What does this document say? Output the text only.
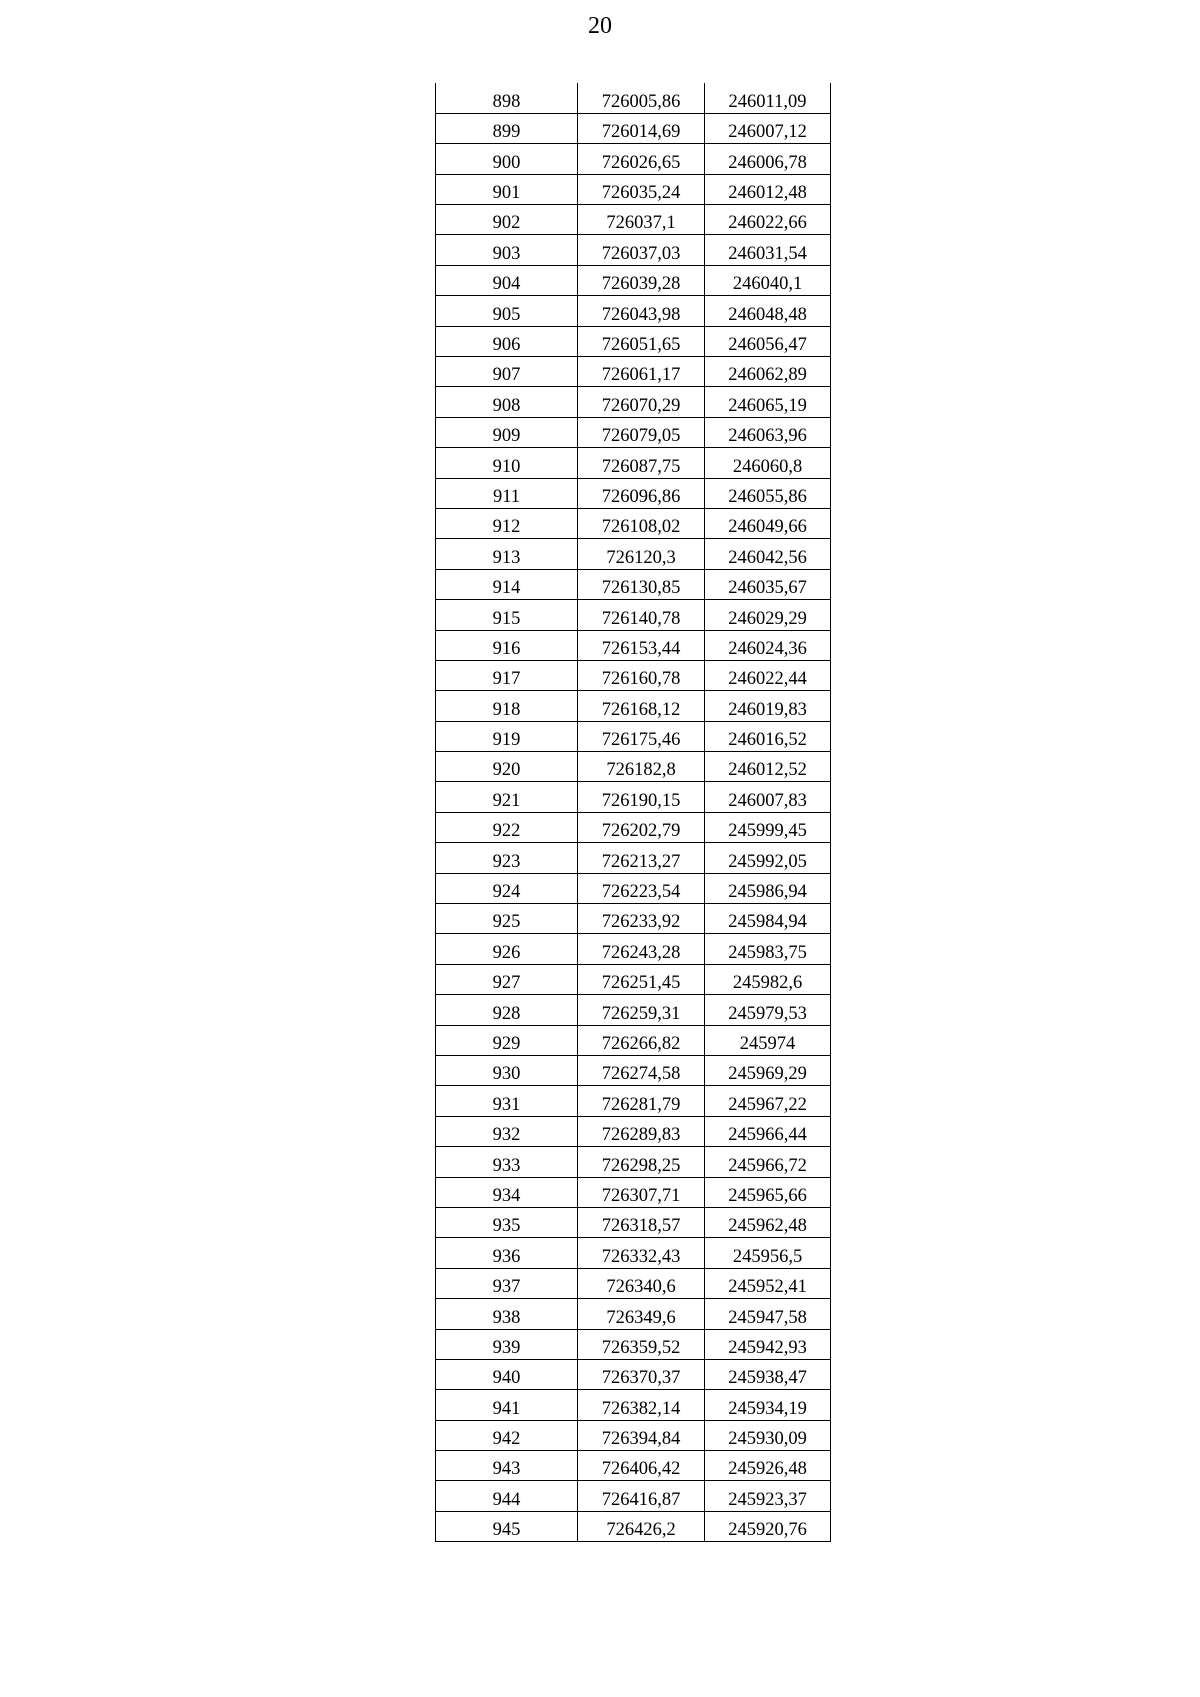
20
898	726005,86	246011,09
899	726014,69	246007,12
900	726026,65	246006,78
901	726035,24	246012,48
902	726037,1	246022,66
903	726037,03	246031,54
904	726039,28	246040,1
905	726043,98	246048,48
906	726051,65	246056,47
907	726061,17	246062,89
908	726070,29	246065,19
909	726079,05	246063,96
910	726087,75	246060,8
911	726096,86	246055,86
912	726108,02	246049,66
913	726120,3	246042,56
914	726130,85	246035,67
915	726140,78	246029,29
916	726153,44	246024,36
917	726160,78	246022,44
918	726168,12	246019,83
919	726175,46	246016,52
920	726182,8	246012,52
921	726190,15	246007,83
922	726202,79	245999,45
923	726213,27	245992,05
924	726223,54	245986,94
925	726233,92	245984,94
926	726243,28	245983,75
927	726251,45	245982,6
928	726259,31	245979,53
929	726266,82	245974
930	726274,58	245969,29
931	726281,79	245967,22
932	726289,83	245966,44
933	726298,25	245966,72
934	726307,71	245965,66
935	726318,57	245962,48
936	726332,43	245956,5
937	726340,6	245952,41
938	726349,6	245947,58
939	726359,52	245942,93
940	726370,37	245938,47
941	726382,14	245934,19
942	726394,84	245930,09
943	726406,42	245926,48
944	726416,87	245923,37
945	726426,2	245920,76
